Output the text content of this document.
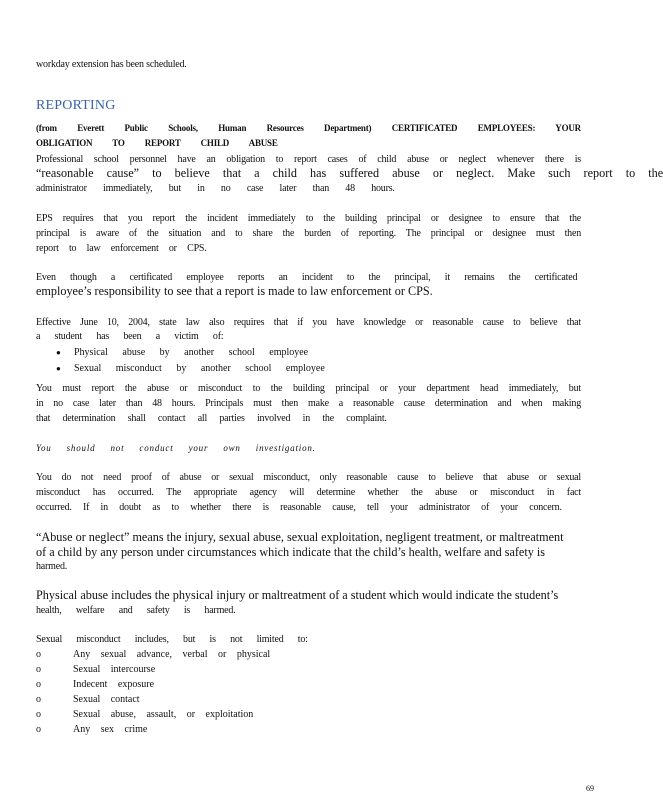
workday extension has been scheduled.
REPORTING
(from Everett Public Schools, Human Resources Department) CERTIFICATED EMPLOYEES: YOUR
OBLIGATION TO REPORT CHILD ABUSE
Professional school personnel have an obligation to report cases of child abuse or neglect whenever there is
“reasonable cause” to believe that a child has suffered abuse or neglect. Make such report to the
administrator immediately, but in no case later than 48 hours.
EPS requires that you report the incident immediately to the building principal or designee to ensure that the
principal is aware of the situation and to share the burden of reporting. The principal or designee must then
report to law enforcement or CPS.
Even though a certificated employee reports an incident to the principal, it remains the certificated
employee’s responsibility to see that a report is made to law enforcement or CPS.
Effective June 10, 2004, state law also requires that if you have knowledge or reasonable cause to believe that
a student has been a victim of:
●	Physical abuse by another school employee
●	Sexual misconduct by another school employee
You must report the abuse or misconduct to the building principal or your department head immediately, but
in no case later than 48 hours. Principals must then make a reasonable cause determination and when making
that determination shall contact all parties involved in the complaint.
You should not conduct your own investigation.
You do not need proof of abuse or sexual misconduct, only reasonable cause to believe that abuse or sexual
misconduct has occurred. The appropriate agency will determine whether the abuse or misconduct in fact
occurred. If in doubt as to whether there is reasonable cause, tell your administrator of your concern.
“Abuse or neglect” means the injury, sexual abuse, sexual exploitation, negligent treatment, or maltreatment
of a child by any person under circumstances which indicate that the child’s health, welfare and safety is
harmed.
Physical abuse includes the physical injury or maltreatment of a student which would indicate the student’s
health, welfare and safety is harmed.
Sexual misconduct includes, but is not limited to:
o	Any sexual advance, verbal or physical
o	Sexual intercourse
o	Indecent exposure
o	Sexual contact
o	Sexual abuse, assault, or exploitation
o	Any sex crime
69
